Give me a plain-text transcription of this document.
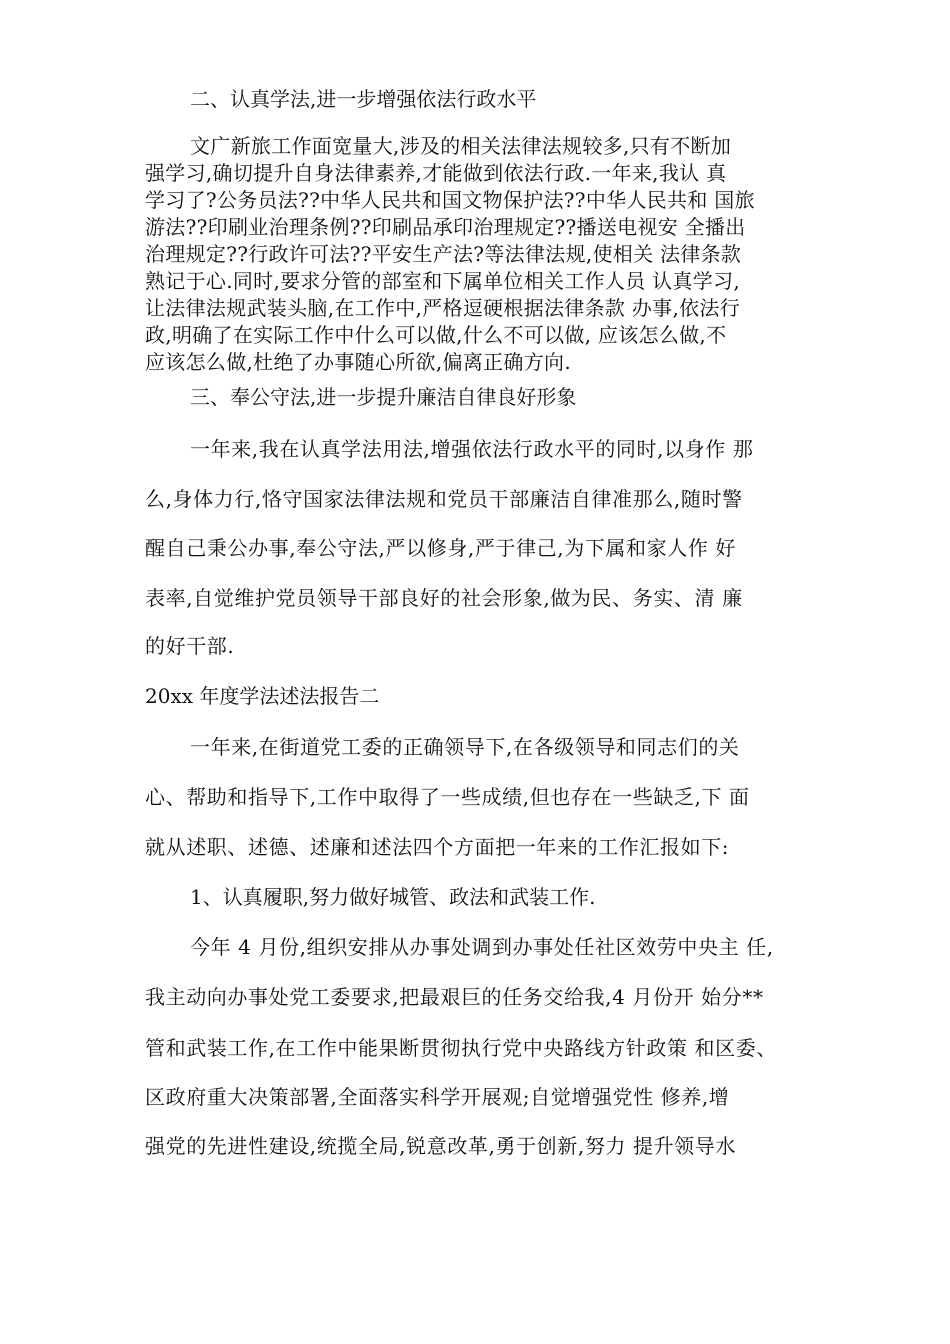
二、认真学法,进一步增强依法行政水平
文广新旅工作面宽量大,涉及的相关法律法规较多,只有不断加
强学习,确切提升自身法律素养,才能做到依法行政.一年来,我认 真
学习了?公务员法??中华人民共和国文物保护法??中华人民共和 国旅
游法??印刷业治理条例??印刷品承印治理规定??播送电视安 全播出
治理规定??行政许可法??平安生产法?等法律法规,使相关 法律条款
熟记于心.同时,要求分管的部室和下属单位相关工作人员 认真学习,
让法律法规武装头脑,在工作中,严格逗硬根据法律条款 办事,依法行
政,明确了在实际工作中什么可以做,什么不可以做, 应该怎么做,不
应该怎么做,杜绝了办事随心所欲,偏离正确方向.
三、奉公守法,进一步提升廉洁自律良好形象
一年来,我在认真学法用法,增强依法行政水平的同时,以身作 那
么,身体力行,恪守国家法律法规和党员干部廉洁自律准那么,随时警
醒自己秉公办事,奉公守法,严以修身,严于律己,为下属和家人作 好
表率,自觉维护党员领导干部良好的社会形象,做为民、务实、清 廉
的好干部.
20xx 年度学法述法报告二
一年来,在街道党工委的正确领导下,在各级领导和同志们的关
心、帮助和指导下,工作中取得了一些成绩,但也存在一些缺乏,下 面
就从述职、述德、述廉和述法四个方面把一年来的工作汇报如下:
1、认真履职,努力做好城管、政法和武装工作.
今年 4 月份,组织安排从办事处调到办事处任社区效劳中央主 任,
我主动向办事处党工委要求,把最艰巨的任务交给我,4 月份开 始分**
管和武装工作,在工作中能果断贯彻执行党中央路线方针政策 和区委、
区政府重大决策部署,全面落实科学开展观;自觉增强党性 修养,增
强党的先进性建设,统揽全局,锐意改革,勇于创新,努力 提升领导水
